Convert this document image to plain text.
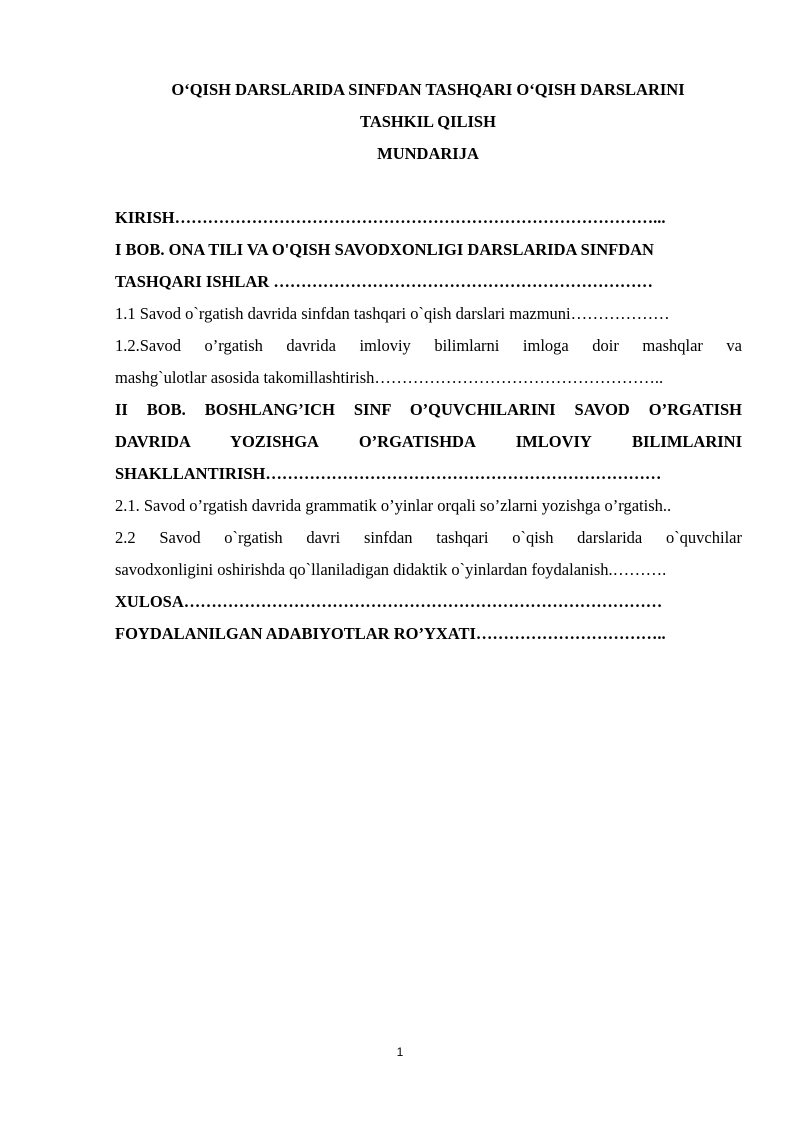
O‘QISH DARSLARIDA SINFDAN TASHQARI O‘QISH DARSLARINI
TASHKIL QILISH
MUNDARIJA
KIRISH……………………………………………………………………………...
I BOB. ONA TILI VA O'QISH SAVODXONLIGI DARSLARIDA SINFDAN
TASHQARI ISHLAR ……………………………………………………………
1.1 Savod o`rgatish davrida sinfdan tashqari o`qish darslari mazmuni………………
1.2.Savod o’rgatish davrida imloviy bilimlarni imloga doir mashqlar va
mashg`ulotlar asosida takomillashtirish……………………………………………..
II BOB. BOSHLANG’ICH SINF O’QUVCHILARINI SAVOD O’RGATISH
DAVRIDA YOZISHGA O’RGATISHDA IMLOVIY BILIMLARINI
SHAKLLANTIRISH………………………………………………………………
2.1. Savod o’rgatish davrida grammatik o’yinlar orqali so’zlarni yozishga o’rgatish..
2.2 Savod o`rgatish davri sinfdan tashqari o`qish darslarida o`quvchilar
savodxonligini oshirishda qo`llaniladigan didaktik o`yinlardan foydalanish.……….
XULOSA……………………………………………………………………………
FOYDALANILGAN ADABIYOTLAR RO’YXATI……………………………..
1
